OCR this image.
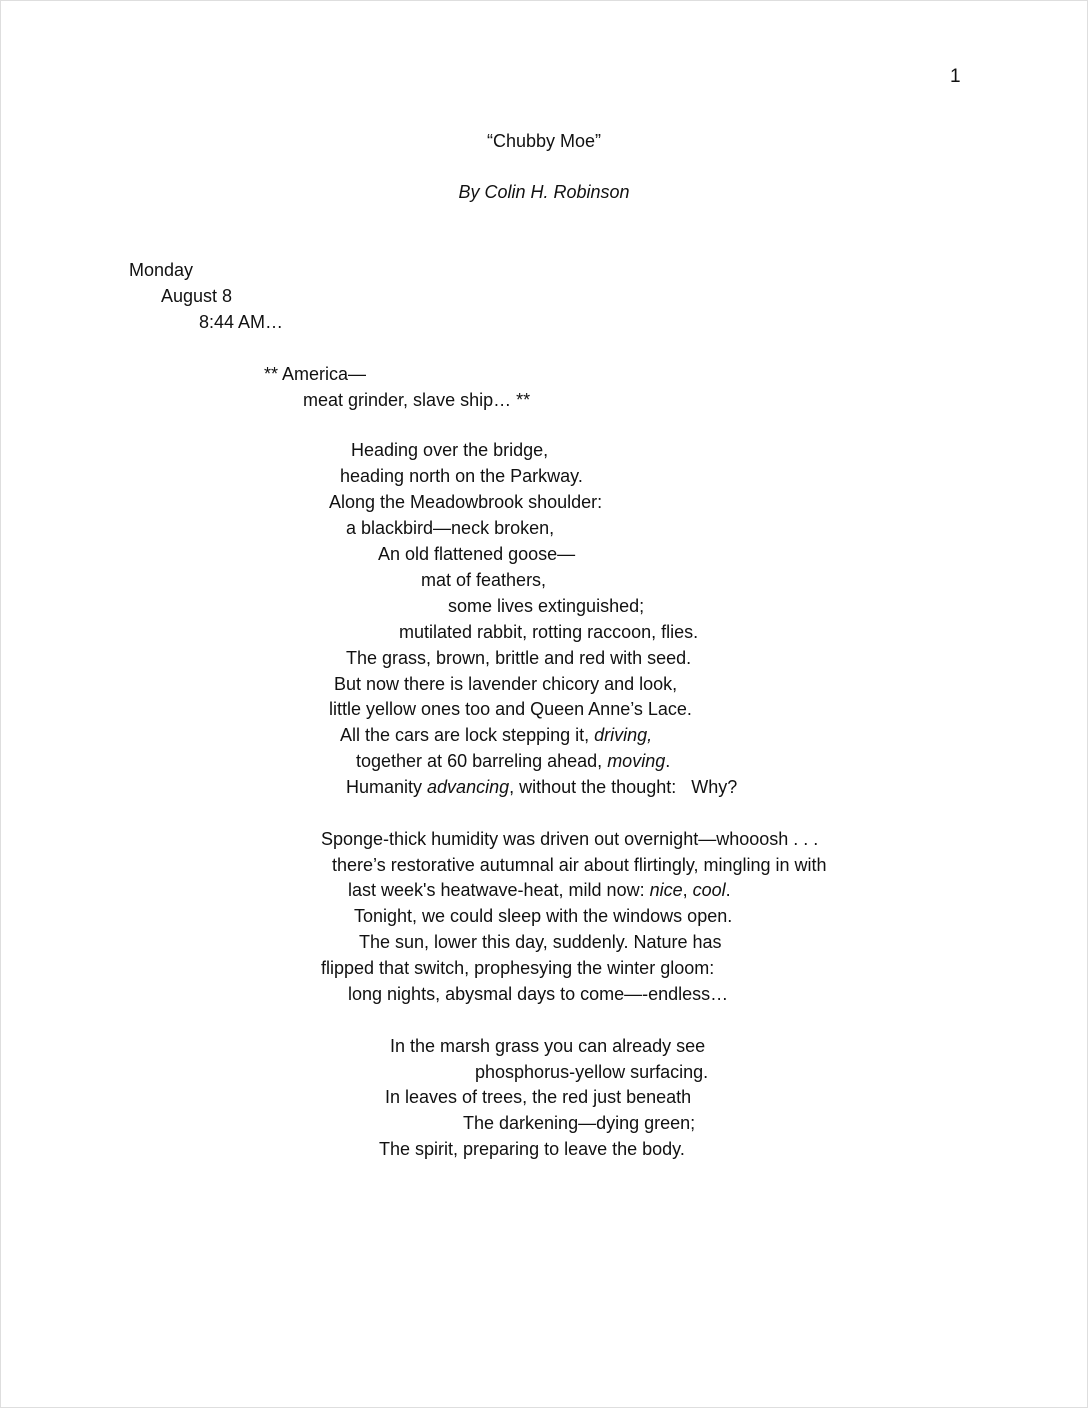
1
“Chubby Moe”
By Colin H. Robinson
Monday
August 8
8:44 AM…
** America—
meat grinder, slave ship… **
Heading over the bridge,
heading north on the Parkway.
Along the Meadowbrook shoulder:
a blackbird—neck broken,
An old flattened goose—
mat of feathers,
some lives extinguished;
mutilated rabbit, rotting raccoon, flies.
The grass, brown, brittle and red with seed.
But now there is lavender chicory and look,
little yellow ones too and Queen Anne’s Lace.
All the cars are lock stepping it, driving,
together at 60 barreling ahead, moving.
Humanity advancing, without the thought:   Why?
Sponge-thick humidity was driven out overnight—whooosh . . .
there’s restorative autumnal air about flirtingly, mingling in with
last week's heatwave-heat, mild now: nice, cool.
Tonight, we could sleep with the windows open.
The sun, lower this day, suddenly. Nature has
flipped that switch, prophesying the winter gloom:
long nights, abysmal days to come—-endless…
In the marsh grass you can already see
phosphorus-yellow surfacing.
In leaves of trees, the red just beneath
The darkening—dying green;
The spirit, preparing to leave the body.
